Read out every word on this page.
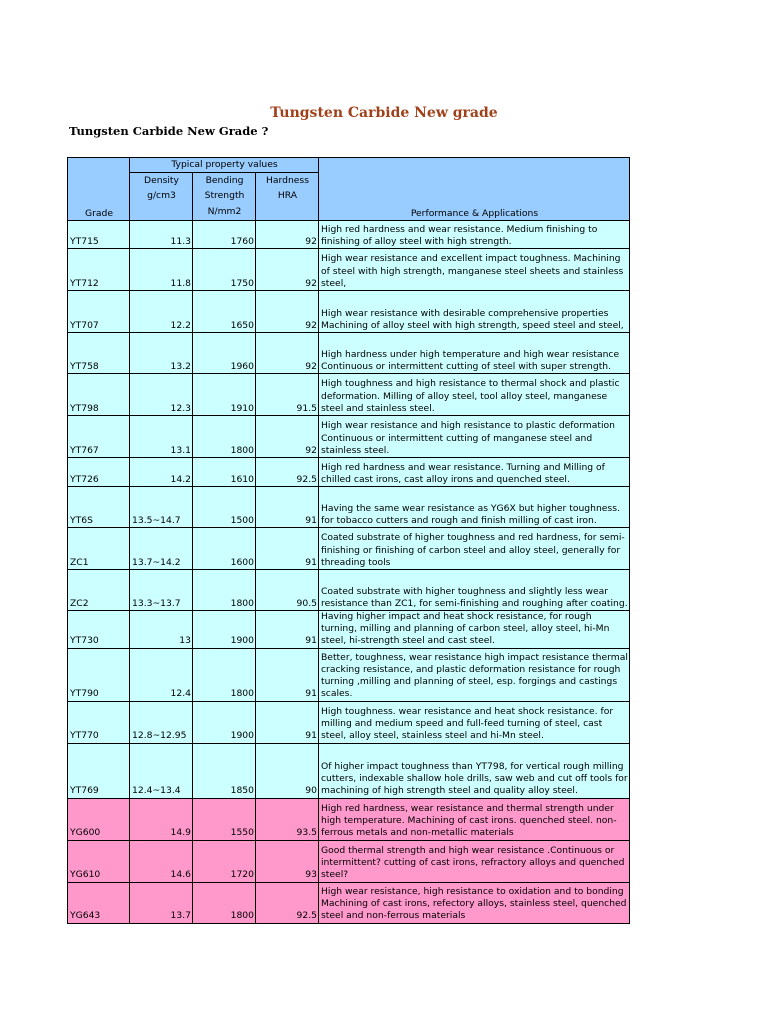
Tungsten Carbide New grade
Tungsten Carbide New Grade ?
Grade	Typical property values			Performance & Applications
	Density	Bending	Hardness	
	g/cm3	Strength	HRA	
		N/mm2		
YT715	11.3	1760	92	High red hardness and wear resistance. Medium finishing to finishing of alloy steel with high strength.
YT712	11.8	1750	92	High wear resistance and excellent impact toughness. Machining of steel with high strength, manganese steel sheets and stainless steel,
YT707	12.2	1650	92	High wear resistance with desirable comprehensive properties Machining of alloy steel with high strength, speed steel and steel,
YT758	13.2	1960	92	High hardness under high temperature and high wear resistance Continuous or intermittent cutting of steel with super strength.
YT798	12.3	1910	91.5	High toughness and high resistance to thermal shock and plastic deformation. Milling of alloy steel, tool alloy steel, manganese steel and stainless steel.
YT767	13.1	1800	92	High wear resistance and high resistance to plastic deformation Continuous or intermittent cutting of manganese steel and stainless steel.
YT726	14.2	1610	92.5	High red hardness and wear resistance. Turning and Milling of chilled cast irons, cast alloy irons and quenched steel.
YT6S	13.5~14.7	1500	91	Having the same wear resistance as YG6X but higher toughness. for tobacco cutters and rough and finish milling of cast iron.
ZC1	13.7~14.2	1600	91	Coated substrate of higher toughness and red hardness, for semi-finishing or finishing of carbon steel and alloy steel, generally for threading tools
ZC2	13.3~13.7	1800	90.5	Coated substrate with higher toughness and slightly less wear resistance than ZC1, for semi-finishing and roughing after coating.
YT730	13	1900	91	Having higher impact and heat shock resistance, for rough turning, milling and planning of carbon steel, alloy steel, hi-Mn steel, hi-strength steel and cast steel.
YT790	12.4	1800	91	Better, toughness, wear resistance high impact resistance thermal cracking resistance, and plastic deformation resistance for rough turning ,milling and planning of steel, esp. forgings and castings scales.
YT770	12.8~12.95	1900	91	High toughness. wear resistance and heat shock resistance. for milling and medium speed and full-feed turning of steel, cast steel, alloy steel, stainless steel and hi-Mn steel.
YT769	12.4~13.4	1850	90	Of higher impact toughness than YT798, for vertical rough milling cutters, indexable shallow hole drills, saw web and cut off tools for machining of high strength steel and quality alloy steel.
YG600	14.9	1550	93.5	High red hardness, wear resistance and thermal strength under high temperature. Machining of cast irons. quenched steel. non-ferrous metals and non-metallic materials
YG610	14.6	1720	93	Good thermal strength and high wear resistance .Continuous or intermittent? cutting of cast irons, refractory alloys and quenched steel?
YG643	13.7	1800	92.5	High wear resistance, high resistance to oxidation and to bonding Machining of cast irons, refectory alloys, stainless steel, quenched steel and non-ferrous materials
